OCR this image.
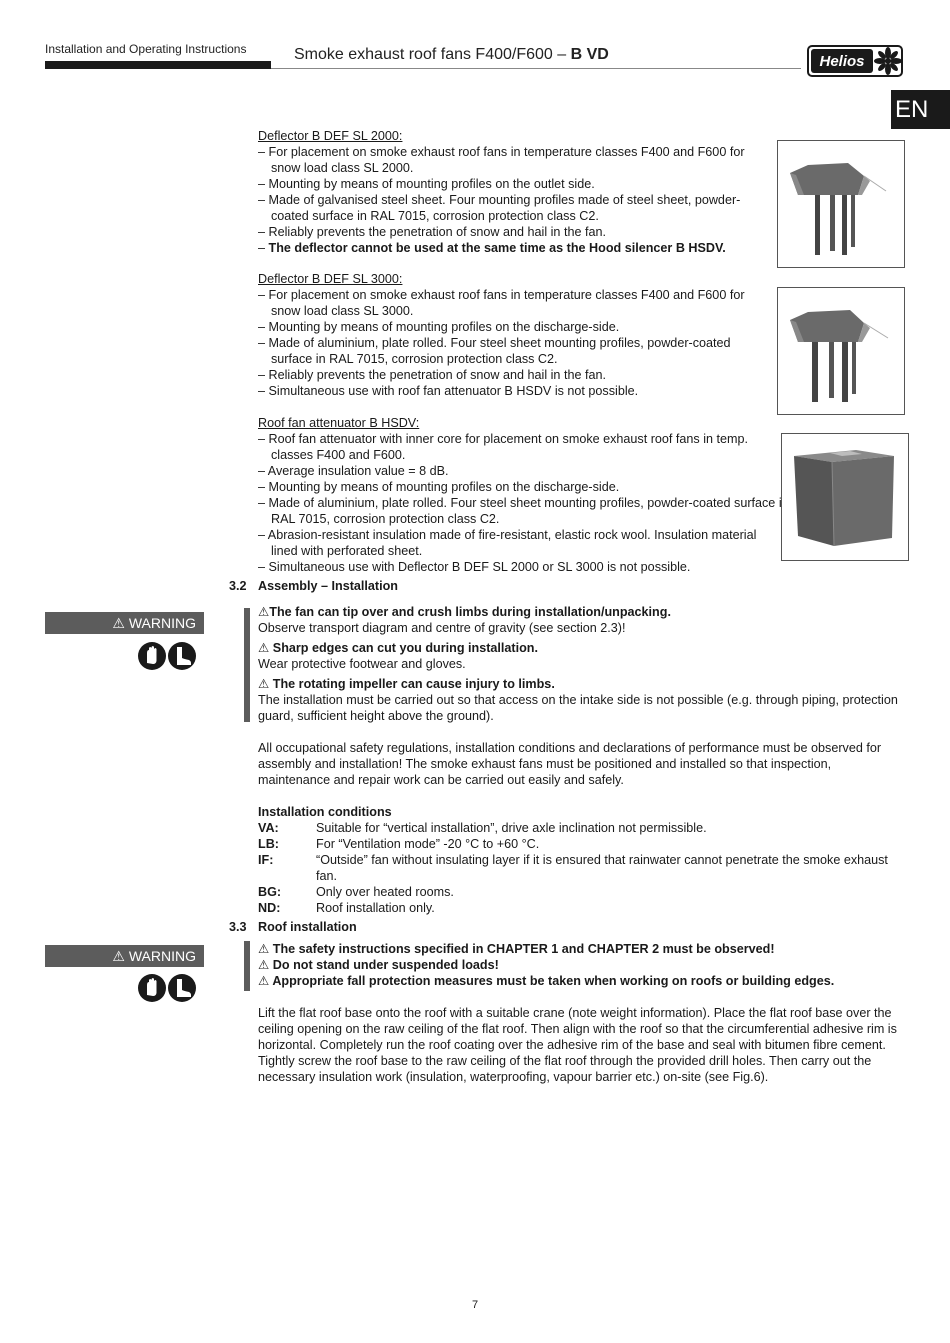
Installation and Operating Instructions	Smoke exhaust roof fans F400/F600 – B VD	Helios
EN
Deflector B DEF SL 2000:
– For placement on smoke exhaust roof fans in temperature classes F400 and F600 for snow load class SL 2000.
– Mounting by means of mounting profiles on the outlet side.
– Made of galvanised steel sheet. Four mounting profiles made of steel sheet, powder-coated surface in RAL 7015, corrosion protection class C2.
– Reliably prevents the penetration of snow and hail in the fan.
– The deflector cannot be used at the same time as the Hood silencer B HSDV.
Deflector B DEF SL 3000:
– For placement on smoke exhaust roof fans in temperature classes F400 and F600 for snow load class SL 3000.
– Mounting by means of mounting profiles on the discharge-side.
– Made of aluminium, plate rolled. Four steel sheet mounting profiles, powder-coated surface in RAL 7015, corrosion protection class C2.
– Reliably prevents the penetration of snow and hail in the fan.
– Simultaneous use with roof fan attenuator B HSDV is not possible.
Roof fan attenuator B HSDV:
– Roof fan attenuator with inner core for placement on smoke exhaust roof fans in temp. classes F400 and F600.
– Average insulation value = 8 dB.
– Mounting by means of mounting profiles on the discharge-side.
– Made of aluminium, plate rolled. Four steel sheet mounting profiles, powder-coated surface in RAL 7015, corrosion protection class C2.
– Abrasion-resistant insulation made of fire-resistant, elastic rock wool. Insulation material lined with perforated sheet.
– Simultaneous use with Deflector B DEF SL 2000 or SL 3000 is not possible.
3.2 Assembly – Installation
⚠ WARNING
⚠The fan can tip over and crush limbs during installation/unpacking.
Observe transport diagram and centre of gravity (see section 2.3)!
⚠ Sharp edges can cut you during installation.
Wear protective footwear and gloves.
⚠ The rotating impeller can cause injury to limbs.
The installation must be carried out so that access on the intake side is not possible (e.g. through piping, protection guard, sufficient height above the ground).
All occupational safety regulations, installation conditions and declarations of performance must be observed for assembly and installation! The smoke exhaust fans must be positioned and installed so that inspection, maintenance and repair work can be carried out easily and safely.
Installation conditions
VA:	Suitable for “vertical installation”, drive axle inclination not permissible.
LB:	For “Ventilation mode” -20 °C to +60 °C.
IF:	“Outside” fan without insulating layer if it is ensured that rainwater cannot penetrate the smoke exhaust fan.
BG:	Only over heated rooms.
ND:	Roof installation only.
3.3 Roof installation
⚠ WARNING	⚠ The safety instructions specified in CHAPTER 1 and CHAPTER 2 must be observed!
⚠ Do not stand under suspended loads!
⚠ Appropriate fall protection measures must be taken when working on roofs or building edges.
Lift the flat roof base onto the roof with a suitable crane (note weight information). Place the flat roof base over the ceiling opening on the raw ceiling of the flat roof. Then align with the roof so that the circumferential adhesive rim is horizontal. Completely run the roof coating over the adhesive rim of the base and seal with bitumen fibre cement. Tightly screw the roof base to the raw ceiling of the flat roof through the provided drill holes. Then carry out the necessary insulation work (insulation, waterproofing, vapour barrier etc.) on-site (see Fig.6).
7
